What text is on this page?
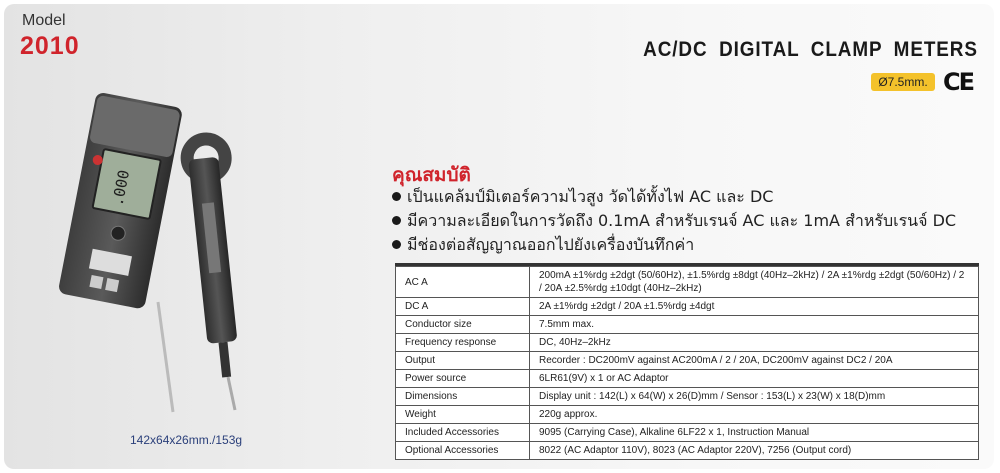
Model
2010	AC/DC DIGITAL CLAMP METERS
Ø7.5mm. CE
.000
142x64x26mm./153g
คุณสมบัติ
เป็นแคล้มป์มิเตอร์ความไวสูง วัดได้ทั้งไฟ AC และ DC
มีความละเอียดในการวัดถึง 0.1mA สำหรับเรนจ์ AC และ 1mA สำหรับเรนจ์ DC
มีช่องต่อสัญญาณออกไปยังเครื่องบันทึกค่า
AC A	200mA ±1%rdg ±2dgt (50/60Hz), ±1.5%rdg ±8dgt (40Hz–2kHz) / 2A ±1%rdg ±2dgt (50/60Hz) / 2 / 20A ±2.5%rdg ±10dgt (40Hz–2kHz)
DC A	2A ±1%rdg ±2dgt / 20A ±1.5%rdg ±4dgt
Conductor size	7.5mm max.
Frequency response	DC, 40Hz–2kHz
Output	Recorder : DC200mV against AC200mA / 2 / 20A, DC200mV against DC2 / 20A
Power source	6LR61(9V) x 1 or AC Adaptor
Dimensions	Display unit : 142(L) x 64(W) x 26(D)mm / Sensor : 153(L) x 23(W) x 18(D)mm
Weight	220g approx.
Included Accessories	9095 (Carrying Case), Alkaline 6LF22 x 1, Instruction Manual
Optional Accessories	8022 (AC Adaptor 110V), 8023 (AC Adaptor 220V), 7256 (Output cord)
